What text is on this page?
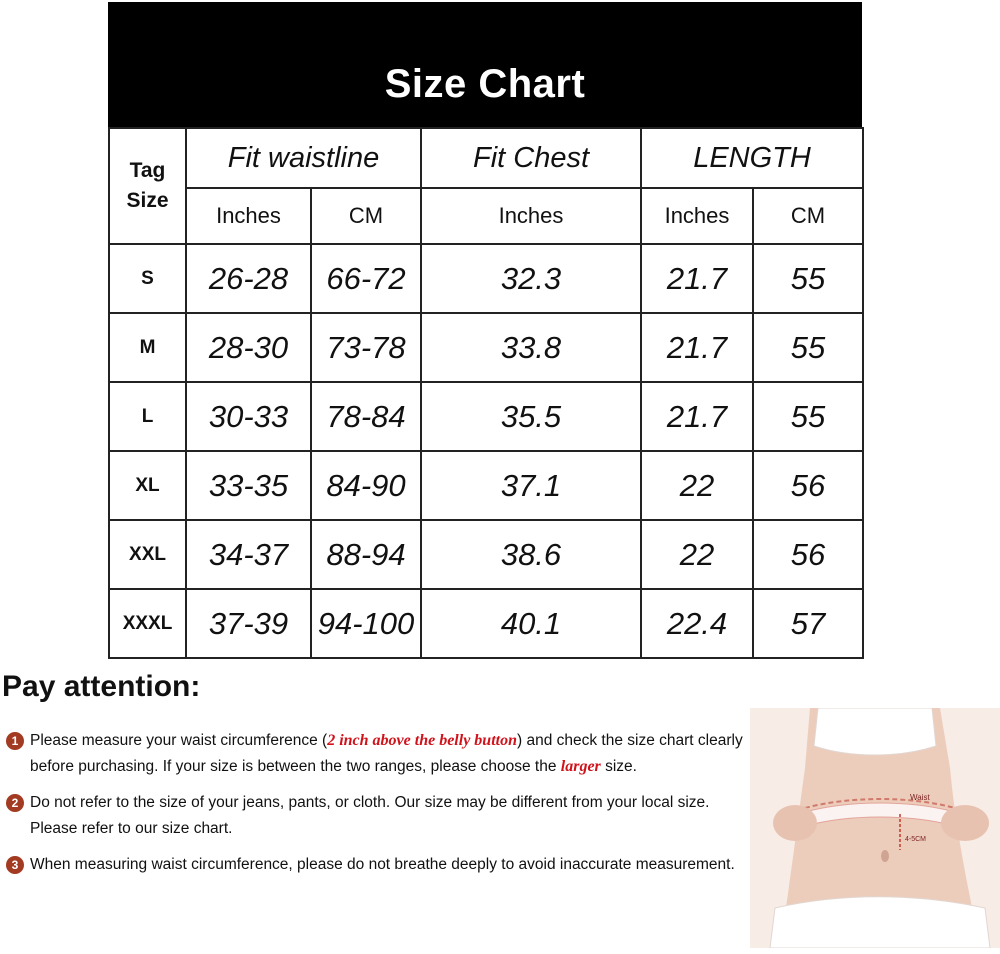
Size Chart
Tag
Size	Fit waistline		Fit Chest	LENGTH	
	Inches	CM	Inches	Inches	CM
S	26-28	66-72	32.3	21.7	55
M	28-30	73-78	33.8	21.7	55
L	30-33	78-84	35.5	21.7	55
XL	33-35	84-90	37.1	22	56
XXL	34-37	88-94	38.6	22	56
XXXL	37-39	94-100	40.1	22.4	57
Pay attention:
1 Please measure your waist circumference (2 inch above the belly button) and check the size chart clearly before purchasing. If your size is between the two ranges, please choose the larger size.
2 Do not refer to the size of your jeans, pants, or cloth. Our size may be different from your local size. Please refer to our size chart.
3 When measuring waist circumference, please do not breathe deeply to avoid inaccurate measurement.
Waist
4-5CM
